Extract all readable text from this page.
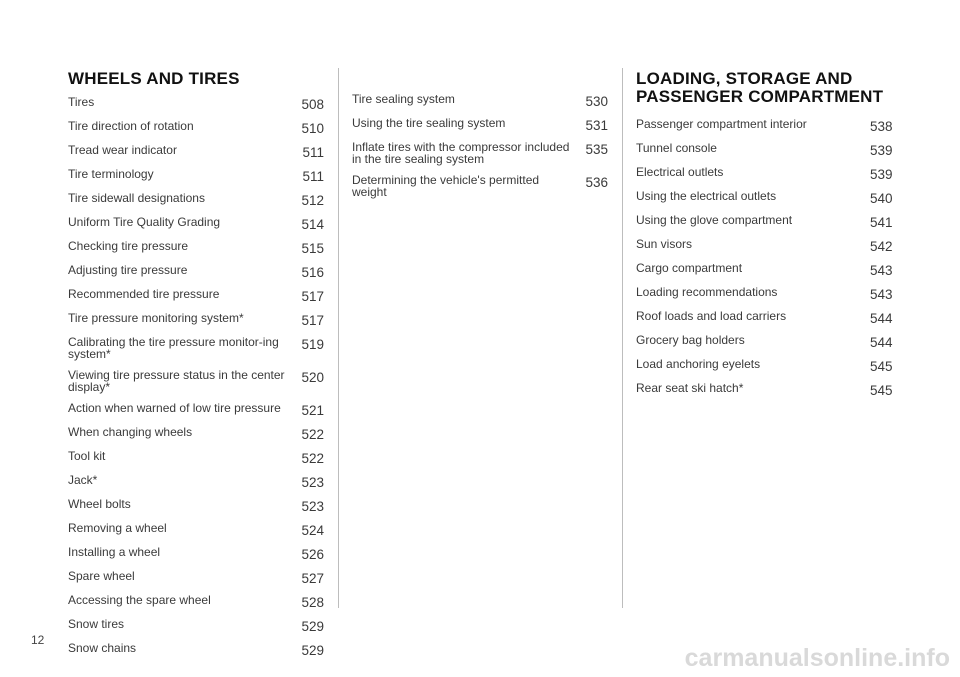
WHEELS AND TIRES
Tires	508
Tire direction of rotation	510
Tread wear indicator	511
Tire terminology	511
Tire sidewall designations	512
Uniform Tire Quality Grading	514
Checking tire pressure	515
Adjusting tire pressure	516
Recommended tire pressure	517
Tire pressure monitoring system*	517
Calibrating the tire pressure monitor-ing system*
519
Viewing tire pressure status in the center display*
520
Action when warned of low tire pressure	521
When changing wheels	522
Tool kit	522
Jack*	523
Wheel bolts	523
Removing a wheel	524
Installing a wheel	526
Spare wheel	527
Accessing the spare wheel	528
Snow tires	529
Snow chains	529
Tire sealing system	530
Using the tire sealing system	531
Inflate tires with the compressor included in the tire sealing system
535
Determining the vehicle's permitted weight
536
LOADING, STORAGE AND PASSENGER COMPARTMENT
Passenger compartment interior	538
Tunnel console	539
Electrical outlets	539
Using the electrical outlets	540
Using the glove compartment	541
Sun visors	542
Cargo compartment	543
Loading recommendations	543
Roof loads and load carriers	544
Grocery bag holders	544
Load anchoring eyelets	545
Rear seat ski hatch*	545
12
carmanualsonline.info
